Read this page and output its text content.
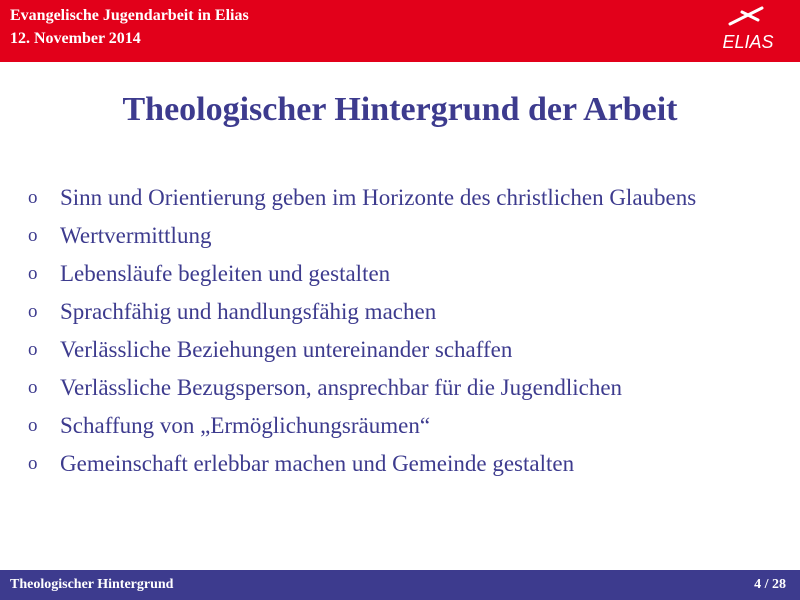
Evangelische Jugendarbeit in Elias
12. November 2014	ELIAS
Theologischer Hintergrund der Arbeit
o Sinn und Orientierung geben im Horizonte des christlichen Glaubens
o Wertvermittlung
o Lebensläufe begleiten und gestalten
o Sprachfähig und handlungsfähig machen
o Verlässliche Beziehungen untereinander schaffen
o Verlässliche Bezugsperson, ansprechbar für die Jugendlichen
o Schaffung von „Ermöglichungsräumen“
o Gemeinschaft erlebbar machen und Gemeinde gestalten
Theologischer Hintergrund	4 / 28
